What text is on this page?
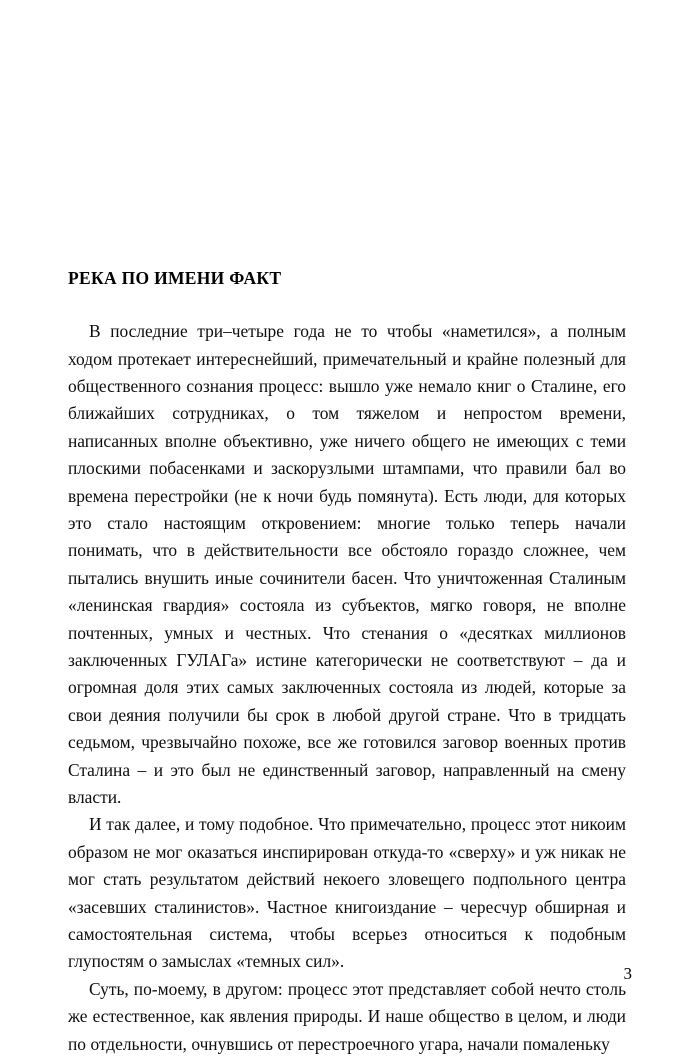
РЕКА ПО ИМЕНИ ФАКТ

В последние три–четыре года не то чтобы «наметился», а полным ходом протекает интереснейший, примечательный и крайне полезный для общественного сознания процесс: вышло уже немало книг о Сталине, его ближайших сотрудниках, о том тяжелом и непростом времени, написанных вполне объективно, уже ничего общего не имеющих с теми плоскими побасенками и заскорузлыми штампами, что правили бал во времена перестройки (не к ночи будь помянута). Есть люди, для которых это стало настоящим откровением: многие только теперь начали понимать, что в действительности все обстояло гораздо сложнее, чем пытались внушить иные сочинители басен. Что уничтоженная Сталиным «ленинская гвардия» состояла из субъектов, мягко говоря, не вполне почтенных, умных и честных. Что стенания о «десятках миллионов заключенных ГУЛАГа» истине категорически не соответствуют – да и огромная доля этих самых заключенных состояла из людей, которые за свои деяния получили бы срок в любой другой стране. Что в тридцать седьмом, чрезвычайно похоже, все же готовился заговор военных против Сталина – и это был не единственный заговор, направленный на смену власти.

И так далее, и тому подобное. Что примечательно, процесс этот никоим образом не мог оказаться инспирирован откуда-то «сверху» и уж никак не мог стать результатом действий некоего зловещего подпольного центра «засевших сталинистов». Частное книгоиздание – чересчур обширная и самостоятельная система, чтобы всерьез относиться к подобным глупостям о замыслах «темных сил».

Суть, по-моему, в другом: процесс этот представляет собой нечто столь же естественное, как явления природы. И наше общество в целом, и люди по отдельности, очнувшись от перестроечного угара, начали помаленьку

3
